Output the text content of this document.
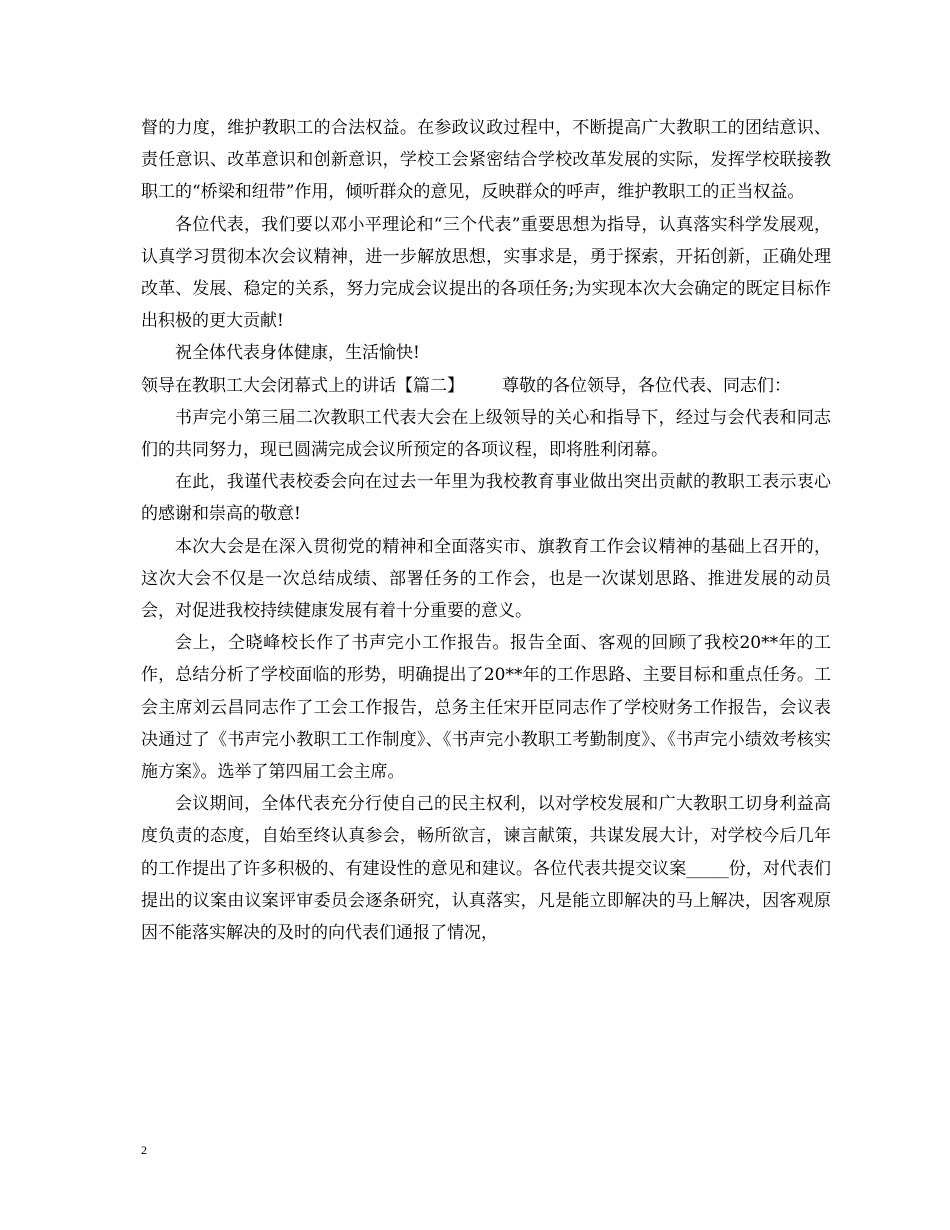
督的力度，维护教职工的合法权益。在参政议政过程中，不断提高广大教职工的团结意识、责任意识、改革意识和创新意识，学校工会紧密结合学校改革发展的实际，发挥学校联接教职工的“桥梁和纽带”作用，倾听群众的意见，反映群众的呼声，维护教职工的正当权益。

各位代表，我们要以邓小平理论和“三个代表”重要思想为指导，认真落实科学发展观，认真学习贯彻本次会议精神，进一步解放思想，实事求是，勇于探索，开拓创新，正确处理改革、发展、稳定的关系，努力完成会议提出的各项任务;为实现本次大会确定的既定目标作出积极的更大贡献!

祝全体代表身体健康，生活愉快!

领导在教职工大会闭幕式上的讲话【篇二】 尊敬的各位领导，各位代表、同志们：

书声完小第三届二次教职工代表大会在上级领导的关心和指导下，经过与会代表和同志们的共同努力，现已圆满完成会议所预定的各项议程，即将胜利闭幕。

在此，我谨代表校委会向在过去一年里为我校教育事业做出突出贡献的教职工表示衷心的感谢和崇高的敬意!

本次大会是在深入贯彻党的精神和全面落实市、旗教育工作会议精神的基础上召开的，这次大会不仅是一次总结成绩、部署任务的工作会，也是一次谋划思路、推进发展的动员会，对促进我校持续健康发展有着十分重要的意义。

会上，仝晓峰校长作了书声完小工作报告。报告全面、客观的回顾了我校20**年的工作，总结分析了学校面临的形势，明确提出了20**年的工作思路、主要目标和重点任务。工会主席刘云昌同志作了工会工作报告，总务主任宋开臣同志作了学校财务工作报告，会议表决通过了《书声完小教职工工作制度》、《书声完小教职工考勤制度》、《书声完小绩效考核实施方案》。选举了第四届工会主席。

会议期间，全体代表充分行使自己的民主权利，以对学校发展和广大教职工切身利益高度负责的态度，自始至终认真参会，畅所欲言，谏言献策，共谋发展大计，对学校今后几年的工作提出了许多积极的、有建设性的意见和建议。各位代表共提交议案_____份，对代表们提出的议案由议案评审委员会逐条研究，认真落实，凡是能立即解决的马上解决，因客观原因不能落实解决的及时的向代表们通报了情况，

2
